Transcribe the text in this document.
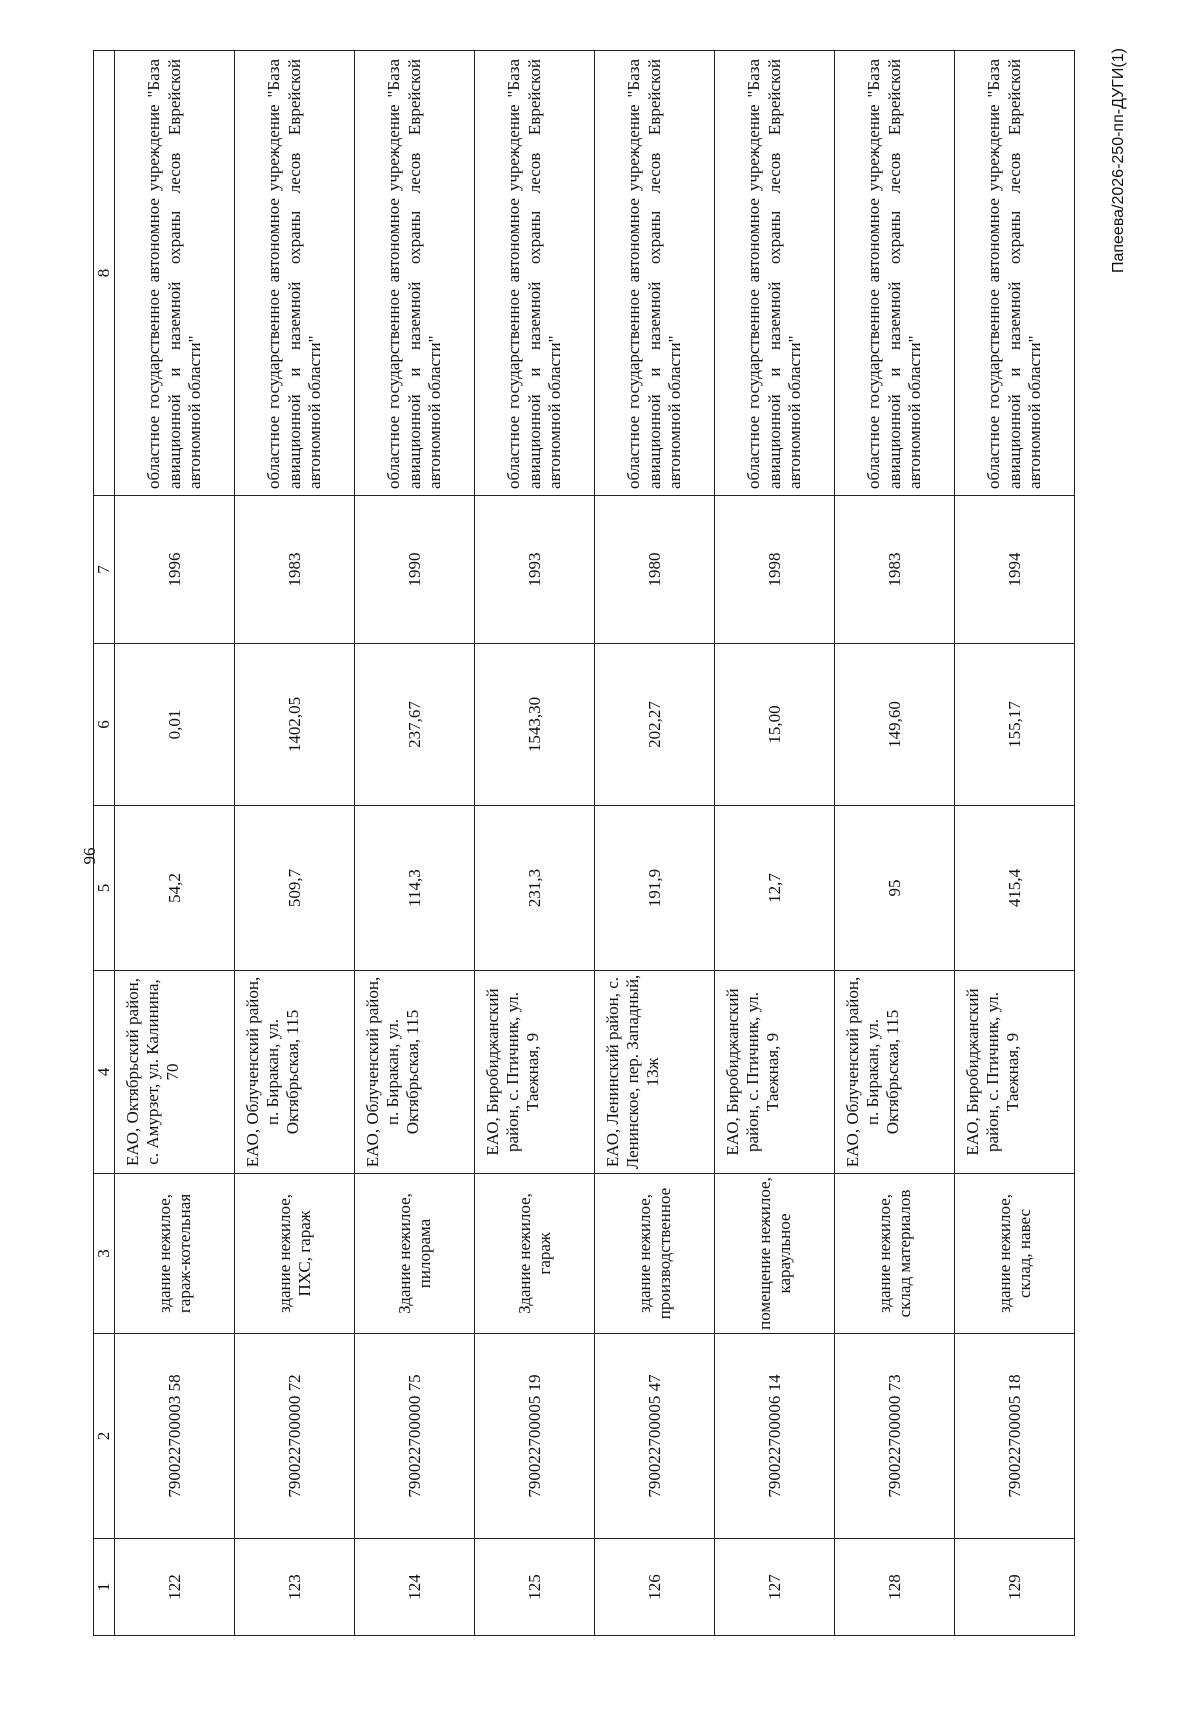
96
1	2	3	4	5	6	7	8
122	790022700003 58	здание нежилое, гараж-котельная	ЕАО, Октябрьский район, с. Амурзет, ул. Калинина, 70	54,2	0,01	1996	областное государственное автономное учреждение "База авиационной и наземной охраны лесов Еврейской автономной области"
123	790022700000 72	здание нежилое, ПХС, гараж	ЕАО, Облученский район, п. Биракан, ул. Октябрьская, 115	509,7	1402,05	1983	областное государственное автономное учреждение "База авиационной и наземной охраны лесов Еврейской автономной области"
124	790022700000 75	Здание нежилое, пилорама	ЕАО, Облученский район, п. Биракан, ул. Октябрьская, 115	114,3	237,67	1990	областное государственное автономное учреждение "База авиационной и наземной охраны лесов Еврейской автономной области"
125	790022700005 19	Здание нежилое, гараж	ЕАО, Биробиджанский район, с. Птичник, ул. Таежная, 9	231,3	1543,30	1993	областное государственное автономное учреждение "База авиационной и наземной охраны лесов Еврейской автономной области"
126	790022700005 47	здание нежилое, производственное	ЕАО, Ленинский район, с. Ленинское, пер. Западный, 13ж	191,9	202,27	1980	областное государственное автономное учреждение "База авиационной и наземной охраны лесов Еврейской автономной области"
127	790022700006 14	помещение нежилое, караульное	ЕАО, Биробиджанский район, с. Птичник, ул. Таежная, 9	12,7	15,00	1998	областное государственное автономное учреждение "База авиационной и наземной охраны лесов Еврейской автономной области"
128	790022700000 73	здание нежилое, склад материалов	ЕАО, Облученский район, п. Биракан, ул. Октябрьская, 115	95	149,60	1983	областное государственное автономное учреждение "База авиационной и наземной охраны лесов Еврейской автономной области"
129	790022700005 18	здание нежилое, склад, навес	ЕАО, Биробиджанский район, с. Птичник, ул. Таежная, 9	415,4	155,17	1994	областное государственное автономное учреждение "База авиационной и наземной охраны лесов Еврейской автономной области"
Папеева/2026-250-пп-ДУГИ(1)
